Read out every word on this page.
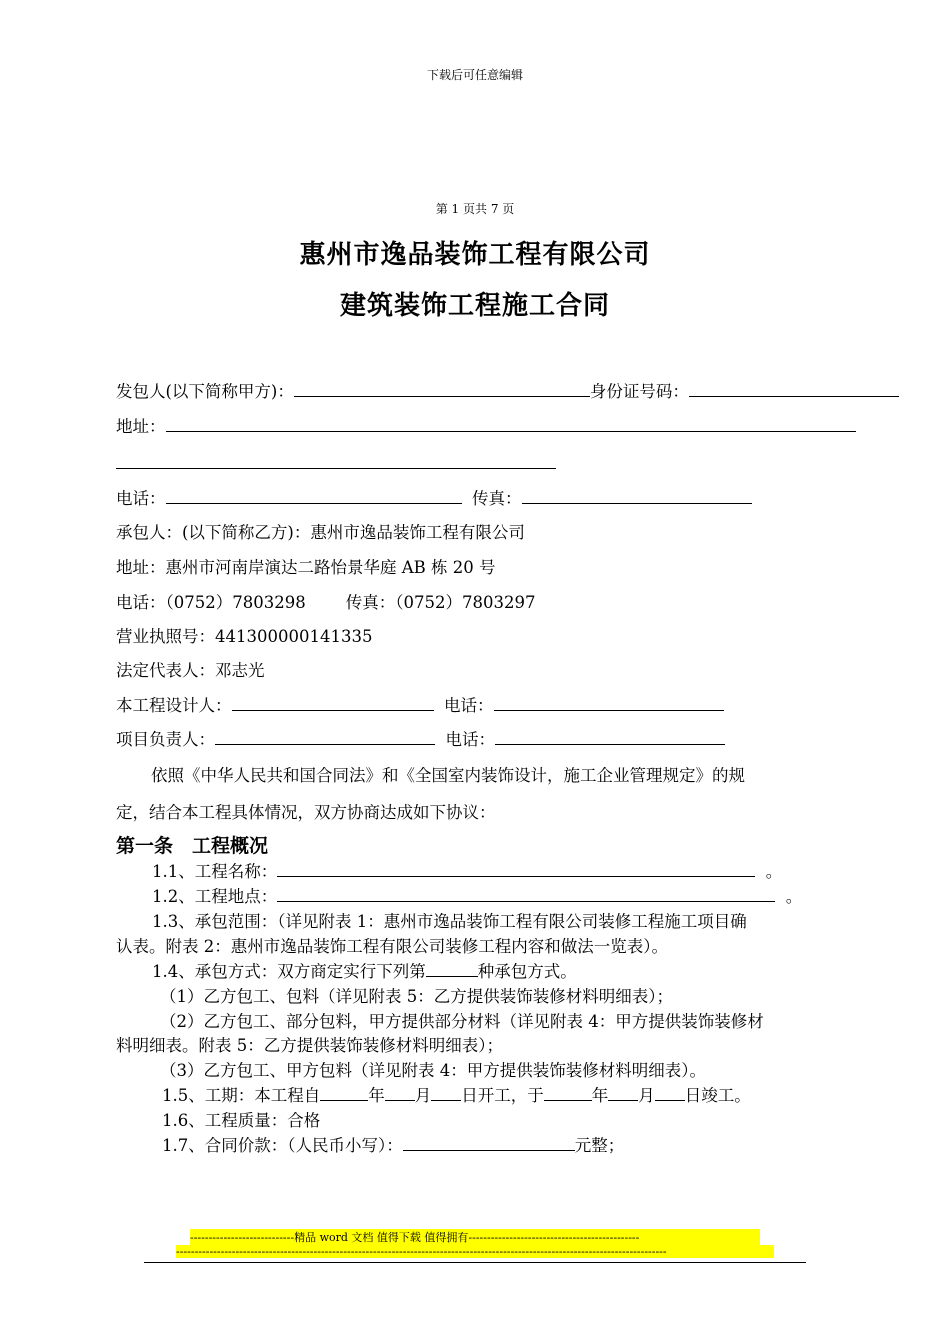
下载后可任意编辑
第 1 页共 7 页
惠州市逸品装饰工程有限公司
建筑装饰工程施工合同
发包人(以下简称甲方)：	身份证号码：
地址：
电话：	传真：
承包人：(以下简称乙方)：惠州市逸品装饰工程有限公司
地址：惠州市河南岸演达二路怡景华庭 AB 栋 20 号
电话：（0752）7803298 传真：（0752）7803297
营业执照号：441300000141335
法定代表人：邓志光
本工程设计人：	电话：
项目负责人：	电话：
依照《中华人民共和国合同法》和《全国室内装饰设计，施工企业管理规定》的规
定，结合本工程具体情况，双方协商达成如下协议：
第一条　工程概况
1.1、工程名称：	。
1.2、工程地点：	。
1.3、承包范围：（详见附表 1：惠州市逸品装饰工程有限公司装修工程施工项目确
认表。附表 2：惠州市逸品装饰工程有限公司装修工程内容和做法一览表）。
1.4、承包方式：双方商定实行下列第	种承包方式。
（1）乙方包工、包料（详见附表 5：乙方提供装饰装修材料明细表）；
（2）乙方包工、部分包料，甲方提供部分材料（详见附表 4：甲方提供装饰装修材
料明细表。附表 5：乙方提供装饰装修材料明细表）；
（3）乙方包工、甲方包料（详见附表 4：甲方提供装饰装修材料明细表）。
1.5、工期：本工程自	年 月 日开工，于	年 月 日竣工。
1.6、工程质量：合格
1.7、合同价款：（人民币小写）：	元整；
----------------------------精品 word 文档 值得下载 值得拥有----------------------------------------------
------------------------------------------------------------------------------------------------------------------------------------
